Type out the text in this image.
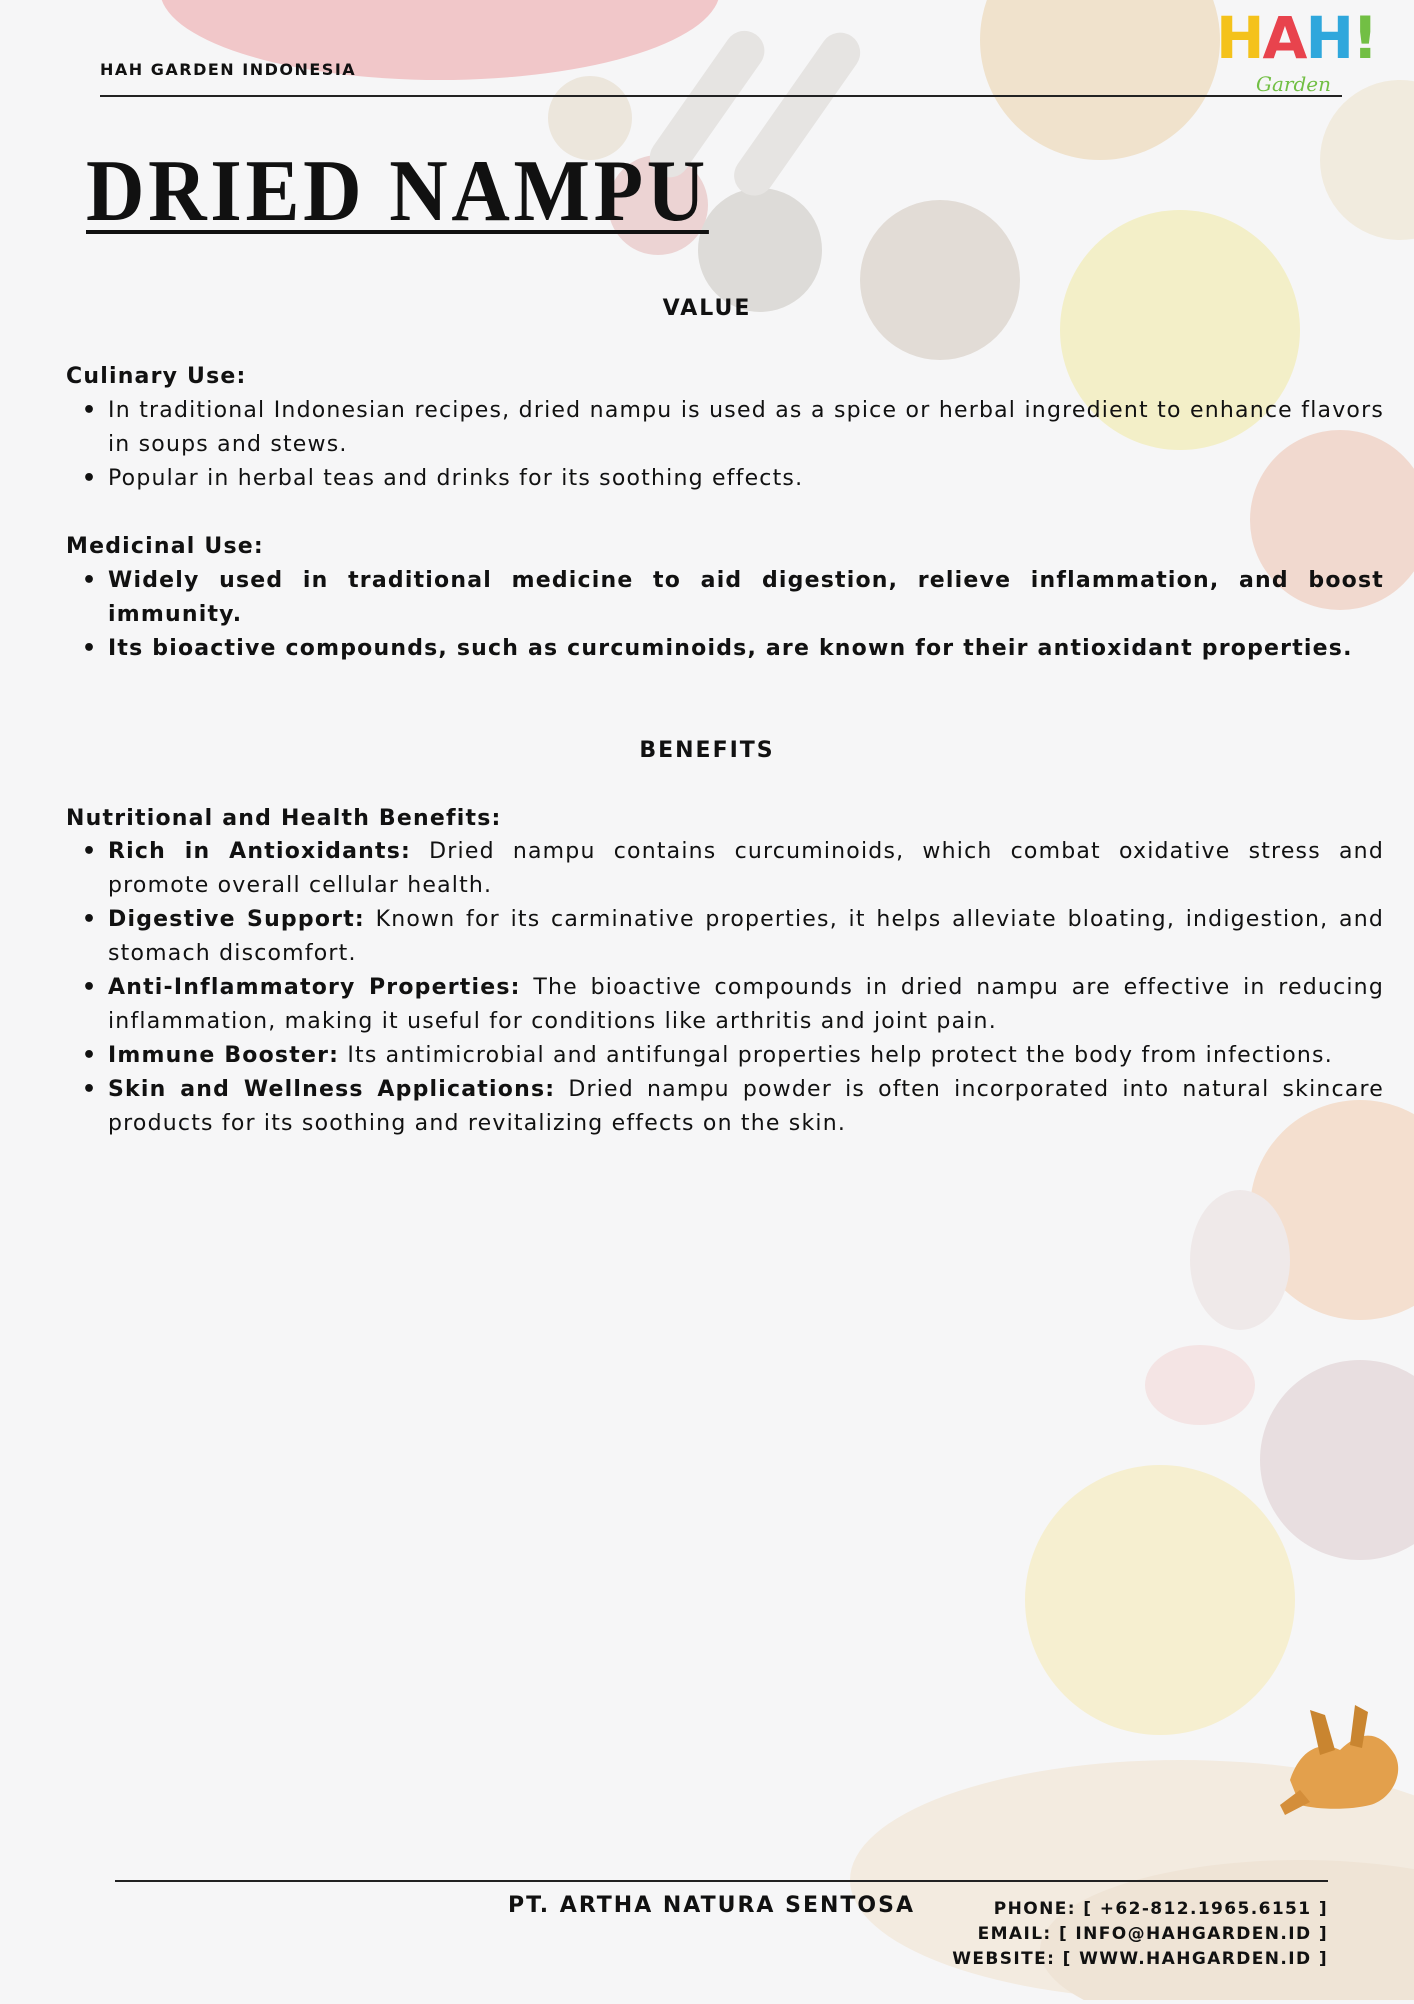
HAH GARDEN INDONESIA	HAH!
Garden
DRIED NAMPU
VALUE
Culinary Use:
• In traditional Indonesian recipes, dried nampu is used as a spice or herbal ingredient to enhance flavors in soups and stews.
• Popular in herbal teas and drinks for its soothing effects.
Medicinal Use:
• Widely used in traditional medicine to aid digestion, relieve inflammation, and boost immunity.
• Its bioactive compounds, such as curcuminoids, are known for their antioxidant properties.
BENEFITS
Nutritional and Health Benefits:
• Rich in Antioxidants: Dried nampu contains curcuminoids, which combat oxidative stress and promote overall cellular health.
• Digestive Support: Known for its carminative properties, it helps alleviate bloating, indigestion, and stomach discomfort.
• Anti-Inflammatory Properties: The bioactive compounds in dried nampu are effective in reducing inflammation, making it useful for conditions like arthritis and joint pain.
• Immune Booster: Its antimicrobial and antifungal properties help protect the body from infections.
• Skin and Wellness Applications: Dried nampu powder is often incorporated into natural skincare products for its soothing and revitalizing effects on the skin.
PT. ARTHA NATURA SENTOSA	PHONE: [ +62-812.1965.6151 ]
EMAIL: [ INFO@HAHGARDEN.ID ]
WEBSITE: [ WWW.HAHGARDEN.ID ]
